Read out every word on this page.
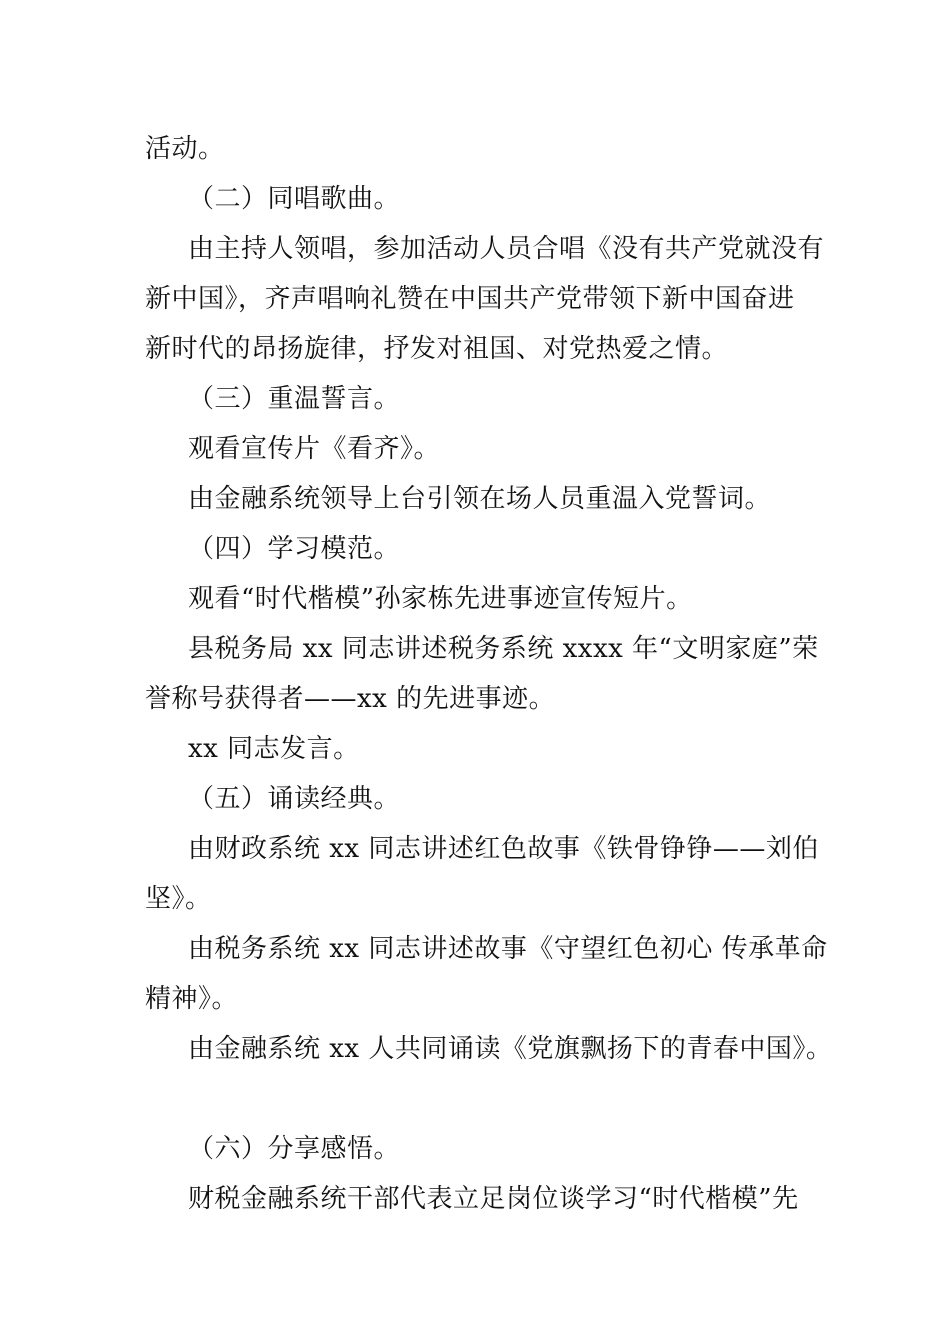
活动。
（二）同唱歌曲。
由主持人领唱，参加活动人员合唱《没有共产党就没有
新中国》，齐声唱响礼赞在中国共产党带领下新中国奋进
新时代的昂扬旋律，抒发对祖国、对党热爱之情。
（三）重温誓言。
观看宣传片《看齐》。
由金融系统领导上台引领在场人员重温入党誓词。
（四）学习模范。
观看“时代楷模”孙家栋先进事迹宣传短片。
县税务局 xx 同志讲述税务系统 xxxx 年“文明家庭”荣
誉称号获得者——xx 的先进事迹。
xx 同志发言。
（五）诵读经典。
由财政系统 xx 同志讲述红色故事《铁骨铮铮——刘伯
坚》。
由税务系统 xx 同志讲述故事《守望红色初心 传承革命
精神》。
由金融系统 xx 人共同诵读《党旗飘扬下的青春中国》。
（六）分享感悟。
财税金融系统干部代表立足岗位谈学习“时代楷模”先
